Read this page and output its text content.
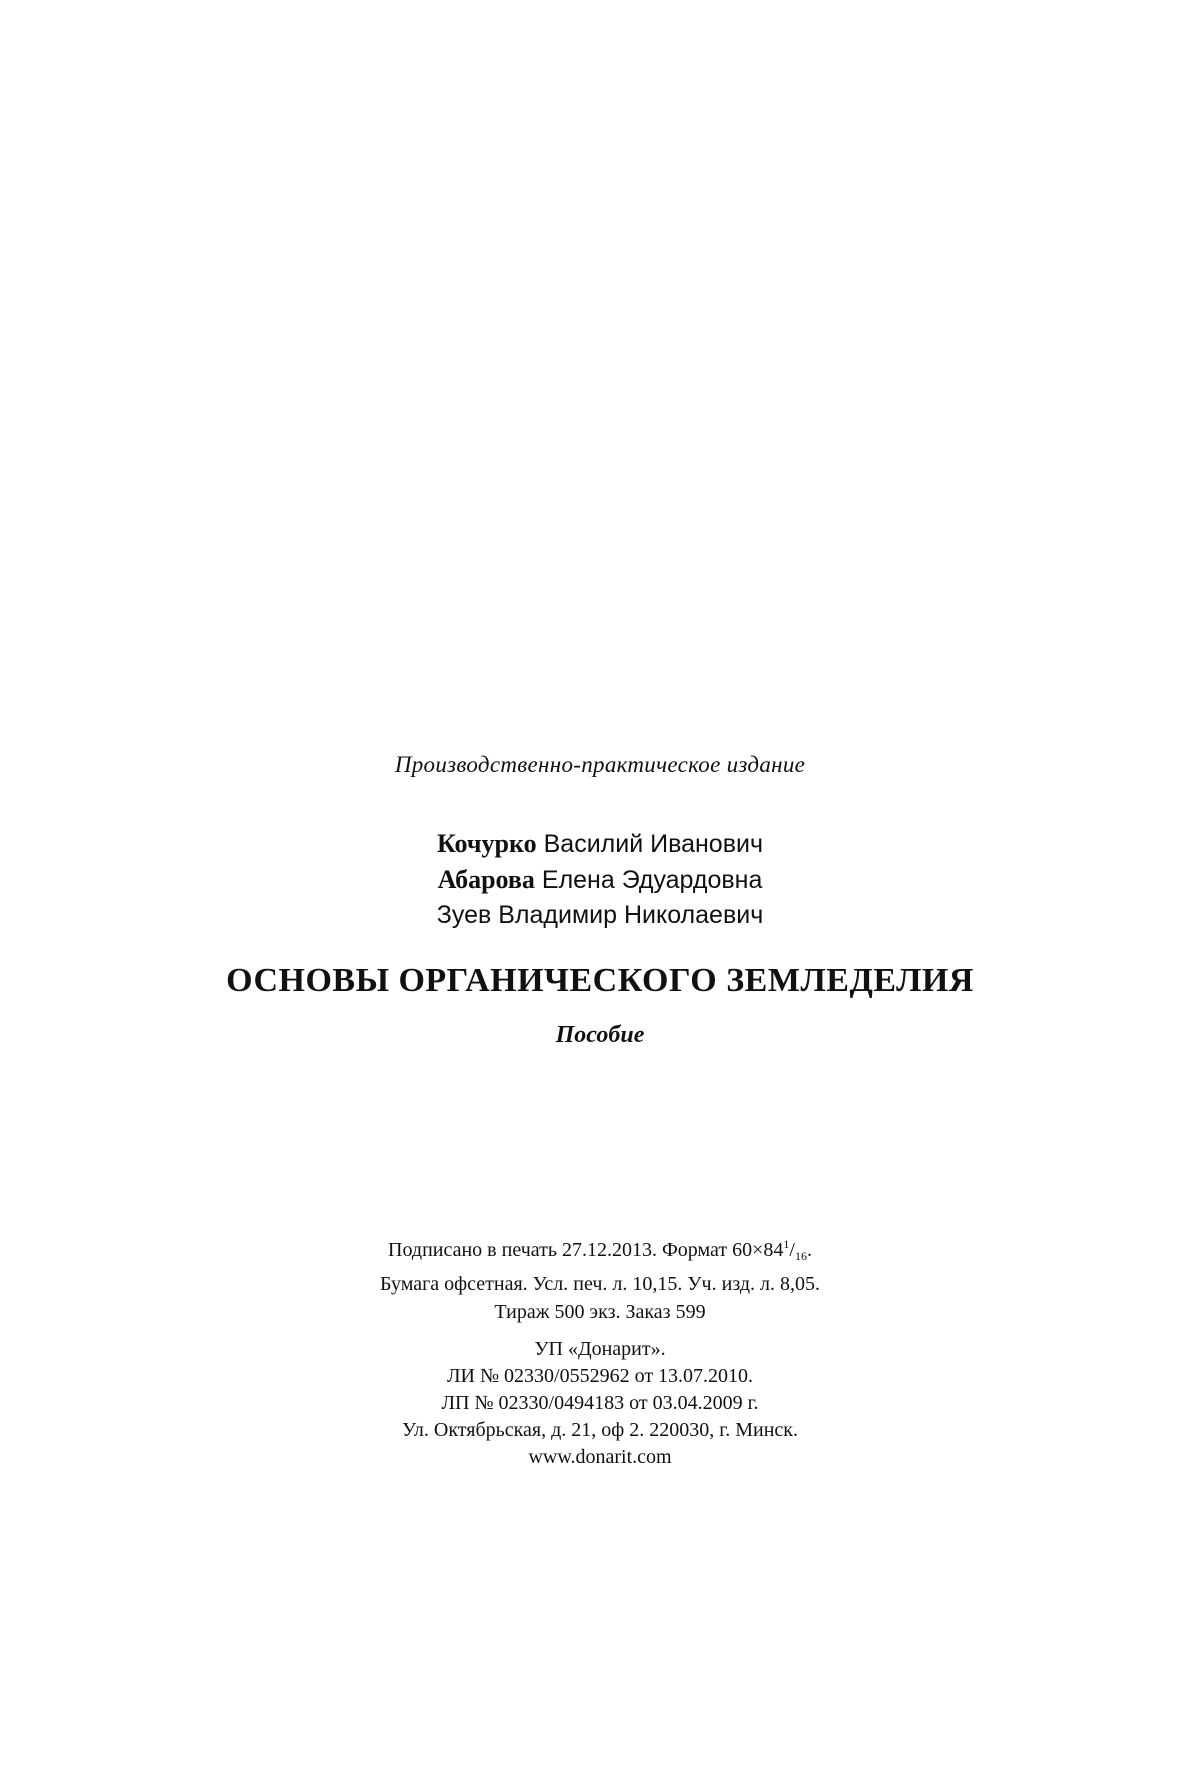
Производственно-практическое издание
Кочурко Василий Иванович
Абарова Елена Эдуардовна
Зуев Владимир Николаевич
ОСНОВЫ ОРГАНИЧЕСКОГО ЗЕМЛЕДЕЛИЯ
Пособие
Подписано в печать 27.12.2013. Формат $60\times 84^1/_{16}$.
Бумага офсетная. Усл. печ. л. 10,15. Уч. изд. л. 8,05.
Тираж 500 экз. Заказ 599
УП «Донарит».
ЛИ № 02330/0552962 от 13.07.2010.
ЛП № 02330/0494183 от 03.04.2009 г.
Ул. Октябрьская, д. 21, оф 2. 220030, г. Минск.
www.donarit.com
